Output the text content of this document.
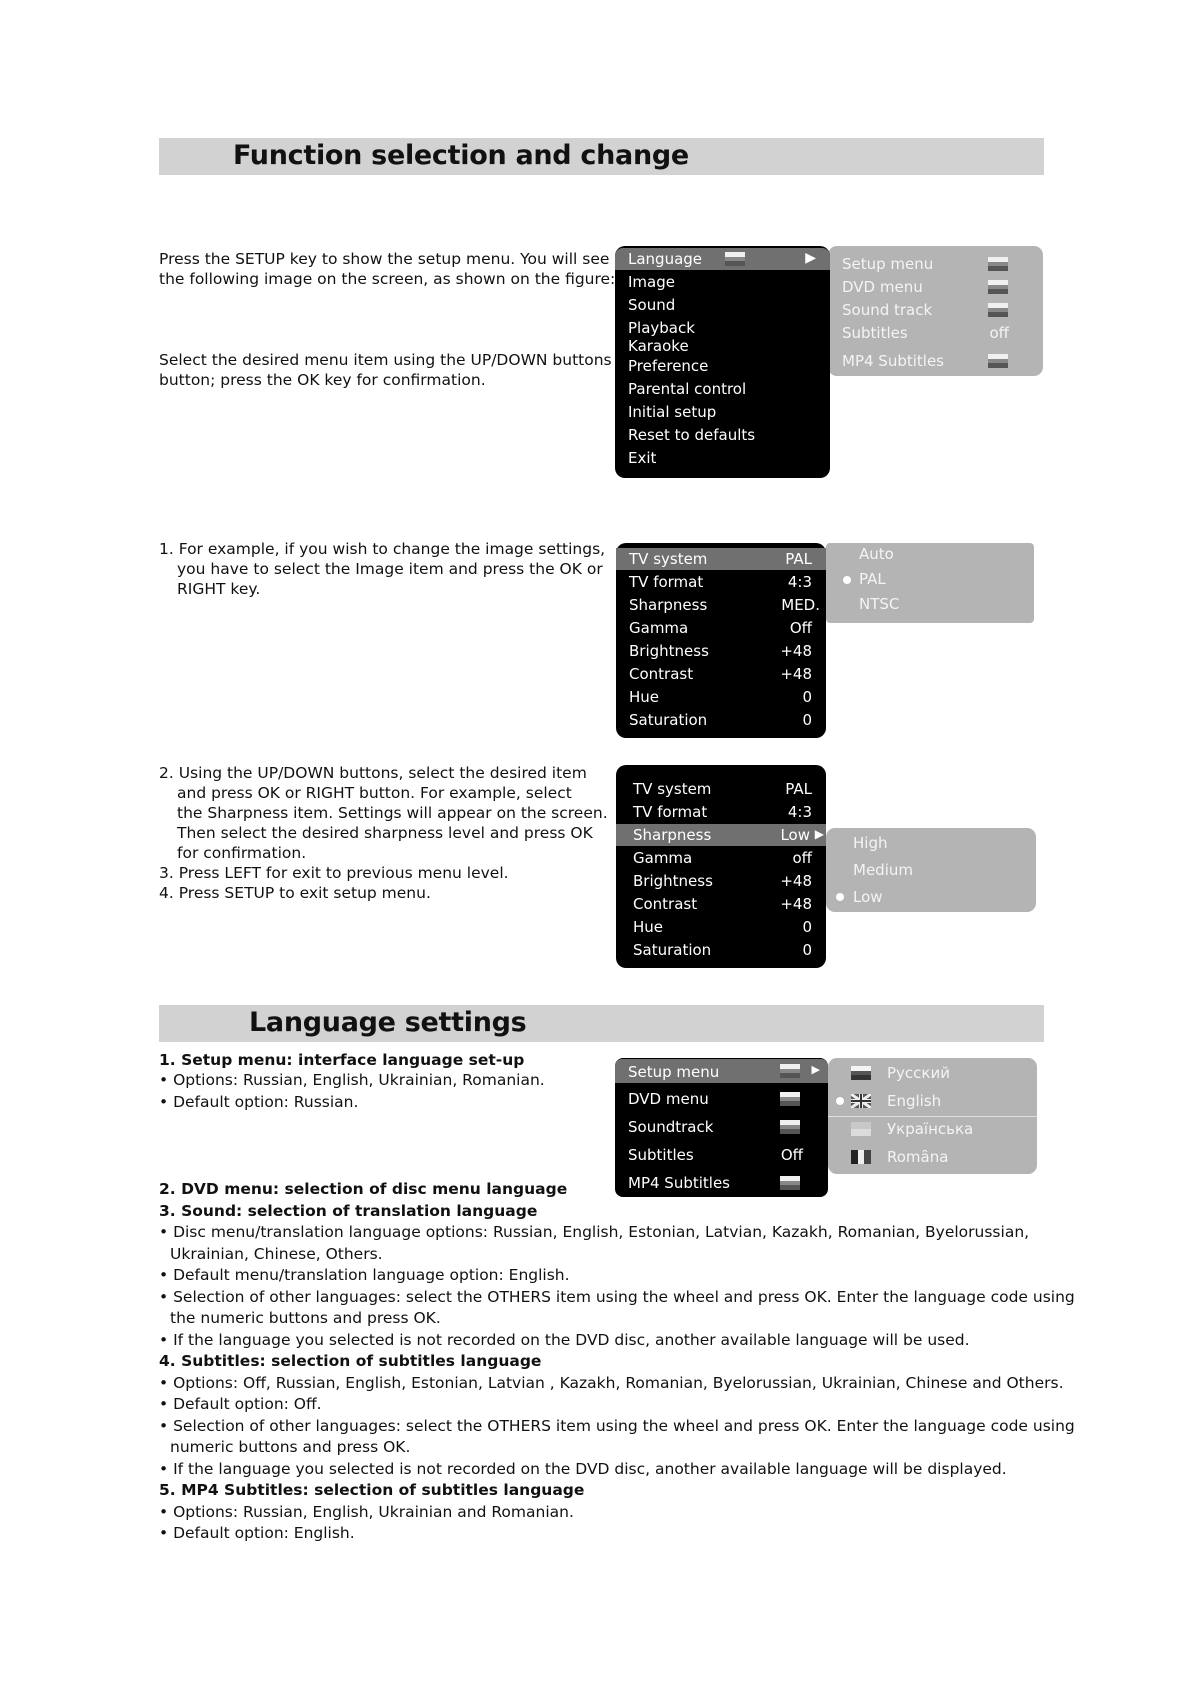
Function selection and change

Press the SETUP key to show the setup menu. You will see
the following image on the screen, as shown on the figure:

Select the desired menu item using the UP/DOWN buttons
button; press the OK key for confirmation.

Setup menu
DVD menu
Sound track
Subtitles	off
MP4 Subtitles
Language	▶
Image
Sound
Playback
Karaoke
Preference
Parental control
Initial setup
Reset to defaults
Exit

1. For example, if you wish to change the image settings,
you have to select the Image item and press the OK or
RIGHT key.

Auto
PAL
NTSC
TV system	PAL
TV format	4:3
Sharpness	MED.
Gamma	Off
Brightness	+48
Contrast	+48
Hue	0
Saturation	0

2. Using the UP/DOWN buttons, select the desired item
and press OK or RIGHT button. For example, select
the Sharpness item. Settings will appear on the screen.
Then select the desired sharpness level and press OK
for confirmation.
3. Press LEFT for exit to previous menu level.
4. Press SETUP to exit setup menu.

High
Medium
Low
TV system	PAL
TV format	4:3
Sharpness	Low ▶
Gamma	off
Brightness	+48
Contrast	+48
Hue	0
Saturation	0
Language settings

1. Setup menu: interface language set-up

• Options: Russian, English, Ukrainian, Romanian.

• Default option: Russian.

Русский
English
Українська
Romȃna
Setup menu	▶
DVD menu
Soundtrack
Subtitles	Off
MP4 Subtitles

2. DVD menu: selection of disc menu language

3. Sound: selection of translation language

• Disc menu/translation language options: Russian, English, Estonian, Latvian, Kazakh, Romanian, Byelorussian,

Ukrainian, Chinese, Others.

• Default menu/translation language option: English.

• Selection of other languages: select the OTHERS item using the wheel and press OK. Enter the language code using

the numeric buttons and press OK.

• If the language you selected is not recorded on the DVD disc, another available language will be used.

4. Subtitles: selection of subtitles language

• Options: Off, Russian, English, Estonian, Latvian , Kazakh, Romanian, Byelorussian, Ukrainian, Chinese and Others.

• Default option: Off.

• Selection of other languages: select the OTHERS item using the wheel and press OK. Enter the language code using

numeric buttons and press OK.

• If the language you selected is not recorded on the DVD disc, another available language will be displayed.

5. MP4 Subtitles: selection of subtitles language

• Options: Russian, English, Ukrainian and Romanian.

• Default option: English.
